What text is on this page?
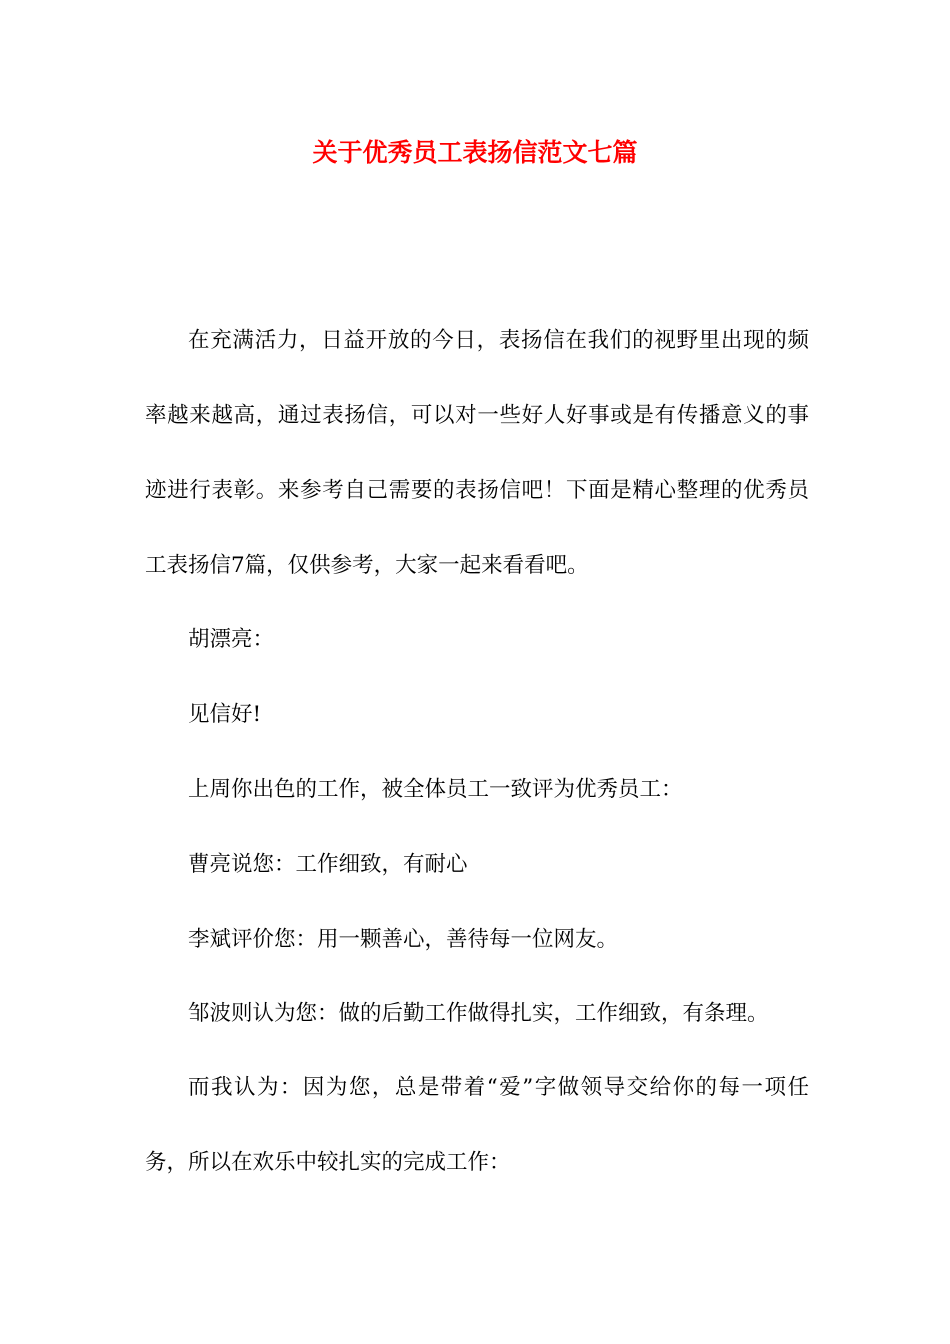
关于优秀员工表扬信范文七篇

在充满活力，日益开放的今日，表扬信在我们的视野里出现的频率越来越高，通过表扬信，可以对一些好人好事或是有传播意义的事迹进行表彰。来参考自己需要的表扬信吧！下面是精心整理的优秀员工表扬信7篇，仅供参考，大家一起来看看吧。

胡漂亮：

见信好!

上周你出色的工作，被全体员工一致评为优秀员工：

曹亮说您：工作细致，有耐心

李斌评价您：用一颗善心，善待每一位网友。

邹波则认为您：做的后勤工作做得扎实，工作细致，有条理。

而我认为：因为您，总是带着“爱”字做领导交给你的每一项任务，所以在欢乐中较扎实的完成工作：
